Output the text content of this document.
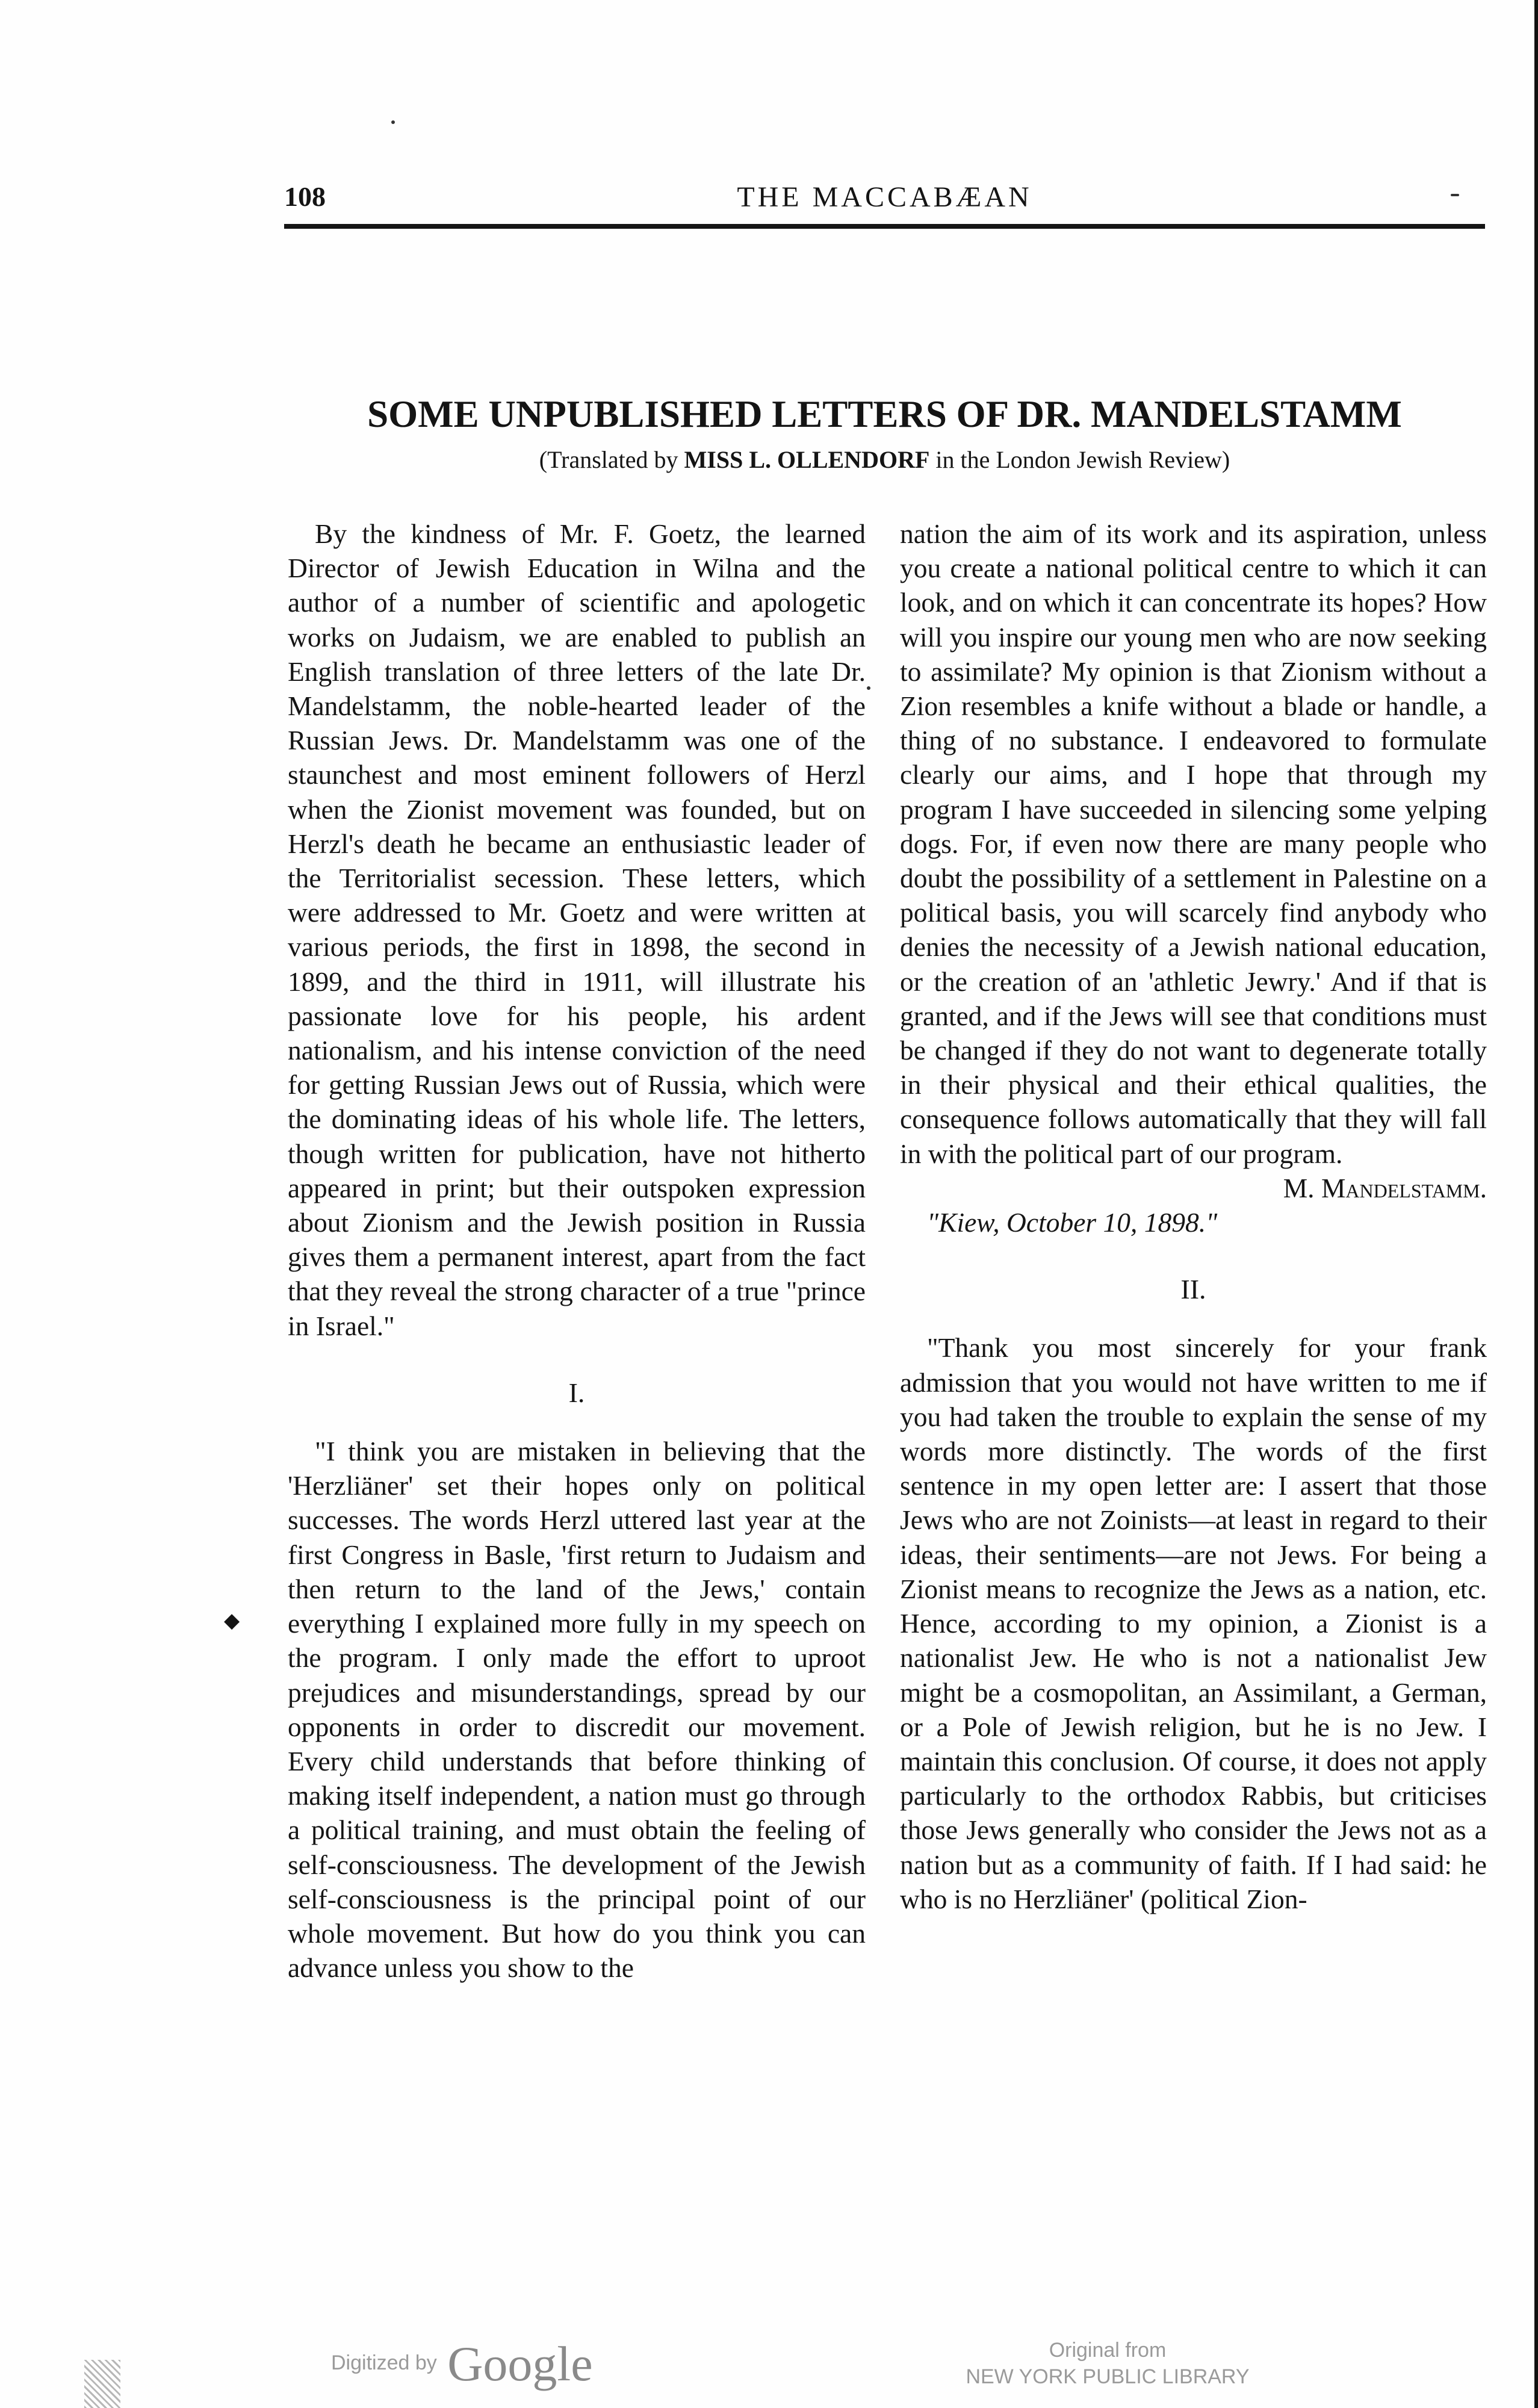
108	THE MACCABÆAN
SOME UNPUBLISHED LETTERS OF DR. MANDELSTAMM
(Translated by MISS L. OLLENDORF in the London Jewish Review)

By the kindness of Mr. F. Goetz, the learned Director of Jewish Education in Wilna and the author of a number of scientific and apologetic works on Judaism, we are enabled to publish an English translation of three letters of the late Dr. Mandelstamm, the noble-hearted leader of the Russian Jews. Dr. Mandelstamm was one of the staunchest and most eminent followers of Herzl when the Zionist movement was founded, but on Herzl's death he became an enthusiastic leader of the Territorialist secession. These letters, which were addressed to Mr. Goetz and were written at various periods, the first in 1898, the second in 1899, and the third in 1911, will illustrate his passionate love for his people, his ardent nationalism, and his intense conviction of the need for getting Russian Jews out of Russia, which were the dominating ideas of his whole life. The letters, though written for publication, have not hitherto appeared in print; but their outspoken expression about Zionism and the Jewish position in Russia gives them a permanent interest, apart from the fact that they reveal the strong character of a true "prince in Israel."

I.

"I think you are mistaken in believing that the 'Herzliäner' set their hopes only on political successes. The words Herzl uttered last year at the first Congress in Basle, 'first return to Judaism and then return to the land of the Jews,' contain everything I explained more fully in my speech on the program. I only made the effort to uproot prejudices and misunderstandings, spread by our opponents in order to discredit our movement. Every child understands that before thinking of making itself independent, a nation must go through a political training, and must obtain the feeling of self-consciousness. The development of the Jewish self-consciousness is the principal point of our whole movement. But how do you think you can advance unless you show to the

nation the aim of its work and its aspiration, unless you create a national political centre to which it can look, and on which it can concentrate its hopes? How will you inspire our young men who are now seeking to assimilate? My opinion is that Zionism without a Zion resembles a knife without a blade or handle, a thing of no substance. I endeavored to formulate clearly our aims, and I hope that through my program I have succeeded in silencing some yelping dogs. For, if even now there are many people who doubt the possibility of a settlement in Palestine on a political basis, you will scarcely find anybody who denies the necessity of a Jewish national education, or the creation of an 'athletic Jewry.' And if that is granted, and if the Jews will see that conditions must be changed if they do not want to degenerate totally in their physical and their ethical qualities, the consequence follows automatically that they will fall in with the political part of our program.

M. Mandelstamm.

"Kiew, October 10, 1898."

II.

"Thank you most sincerely for your frank admission that you would not have written to me if you had taken the trouble to explain the sense of my words more distinctly. The words of the first sentence in my open letter are: I assert that those Jews who are not Zoinists—at least in regard to their ideas, their sentiments—are not Jews. For being a Zionist means to recognize the Jews as a nation, etc. Hence, according to my opinion, a Zionist is a nationalist Jew. He who is not a nationalist Jew might be a cosmopolitan, an Assimilant, a German, or a Pole of Jewish religion, but he is no Jew. I maintain this conclusion. Of course, it does not apply particularly to the orthodox Rabbis, but criticises those Jews generally who consider the Jews not as a nation but as a community of faith. If I had said: he who is no Herzliäner' (political Zion-

◆
Digitized by Google	Original from
NEW YORK PUBLIC LIBRARY
